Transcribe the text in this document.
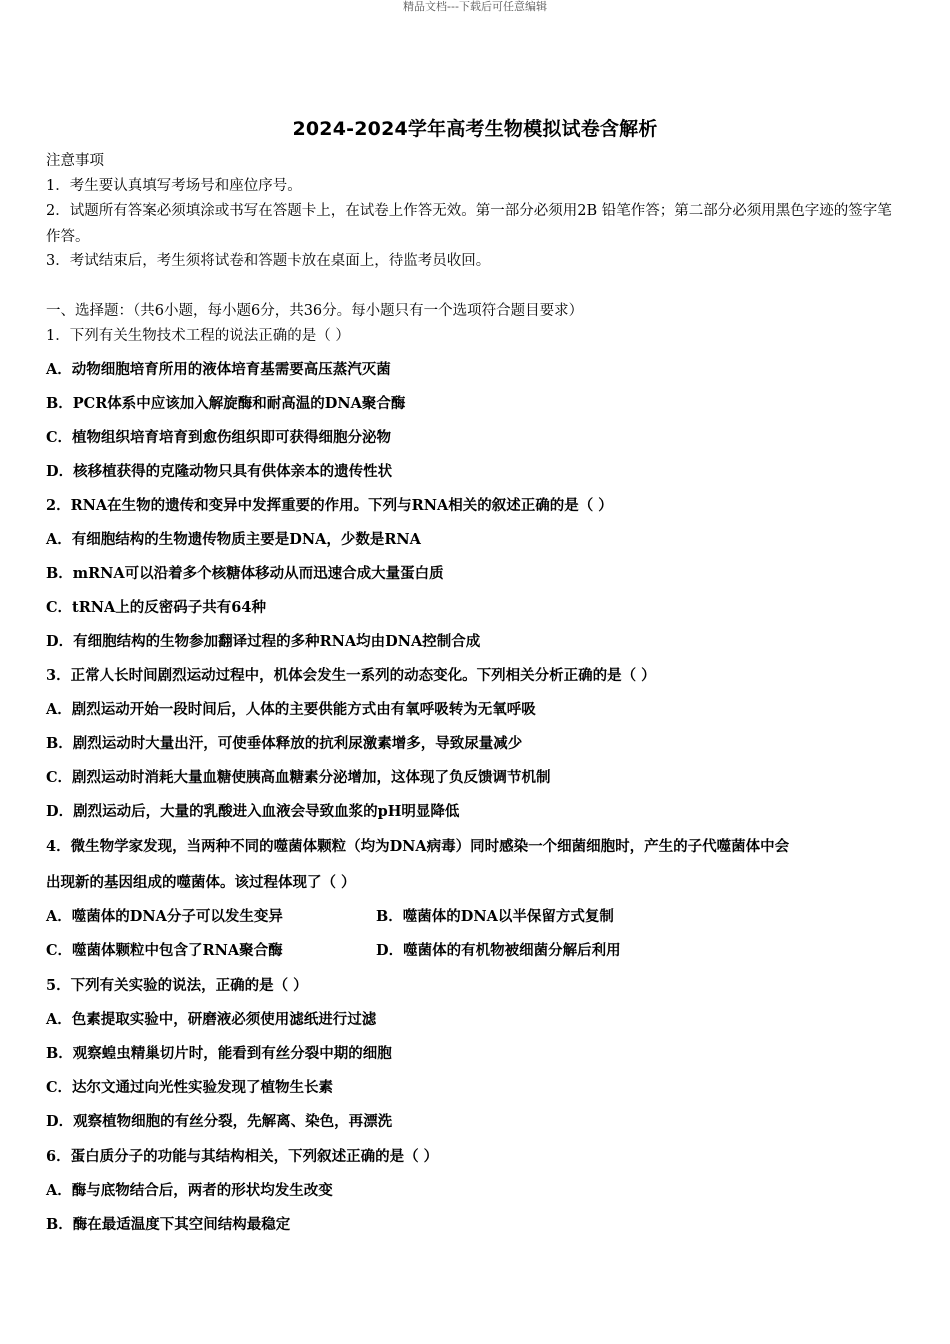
精品文档---下载后可任意编辑
2024-2024学年高考生物模拟试卷含解析
注意事项
1．考生要认真填写考场号和座位序号。
2．试题所有答案必须填涂或书写在答题卡上，在试卷上作答无效。第一部分必须用2B 铅笔作答；第二部分必须用黑色字迹的签字笔作答。
3．考试结束后，考生须将试卷和答题卡放在桌面上，待监考员收回。
一、选择题：（共6小题，每小题6分，共36分。每小题只有一个选项符合题目要求）
1．下列有关生物技术工程的说法正确的是（ ）
A．动物细胞培育所用的液体培育基需要高压蒸汽灭菌
B．PCR体系中应该加入解旋酶和耐高温的DNA聚合酶
C．植物组织培育培育到愈伤组织即可获得细胞分泌物
D．核移植获得的克隆动物只具有供体亲本的遗传性状
2．RNA在生物的遗传和变异中发挥重要的作用。下列与RNA相关的叙述正确的是（ ）
A．有细胞结构的生物遗传物质主要是DNA，少数是RNA
B．mRNA可以沿着多个核糖体移动从而迅速合成大量蛋白质
C．tRNA上的反密码子共有64种
D．有细胞结构的生物参加翻译过程的多种RNA均由DNA控制合成
3．正常人长时间剧烈运动过程中，机体会发生一系列的动态变化。下列相关分析正确的是（ ）
A．剧烈运动开始一段时间后，人体的主要供能方式由有氧呼吸转为无氧呼吸
B．剧烈运动时大量出汗，可使垂体释放的抗利尿激素增多，导致尿量减少
C．剧烈运动时消耗大量血糖使胰高血糖素分泌增加，这体现了负反馈调节机制
D．剧烈运动后，大量的乳酸进入血液会导致血浆的pH明显降低
4．微生物学家发现，当两种不同的噬菌体颗粒（均为DNA病毒）同时感染一个细菌细胞时，产生的子代噬菌体中会
出现新的基因组成的噬菌体。该过程体现了（ ）
A．噬菌体的DNA分子可以发生变异	B．噬菌体的DNA以半保留方式复制
C．噬菌体颗粒中包含了RNA聚合酶	D．噬菌体的有机物被细菌分解后利用
5．下列有关实验的说法，正确的是（ ）
A．色素提取实验中，研磨液必须使用滤纸进行过滤
B．观察蝗虫精巢切片时，能看到有丝分裂中期的细胞
C．达尔文通过向光性实验发现了植物生长素
D．观察植物细胞的有丝分裂，先解离、染色，再漂洗
6．蛋白质分子的功能与其结构相关，下列叙述正确的是（ ）
A．酶与底物结合后，两者的形状均发生改变
B．酶在最适温度下其空间结构最稳定
